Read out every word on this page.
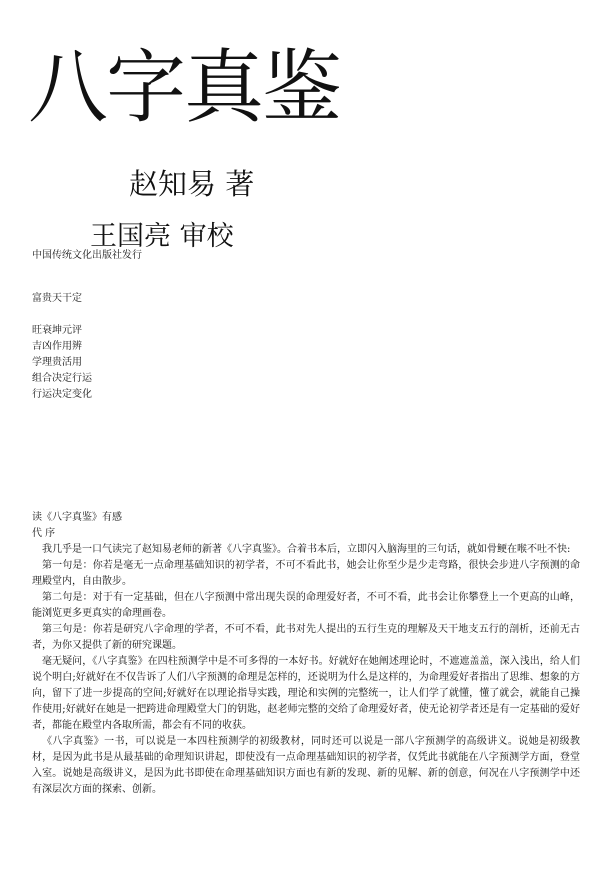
八字真鉴
赵知易 著
王国亮 审校
中国传统文化出版社发行
富贵天干定
旺衰坤元评
吉凶作用辨
学理贵活用
组合决定行运
行运决定变化
读《八字真鉴》有感
代 序

我几乎是一口气读完了赵知易老师的新著《八字真鉴》。合着书本后，立即闪入脑海里的三句话，就如骨鲠在喉不吐不快:

第一句是：你若是毫无一点命理基础知识的初学者，不可不看此书，她会让你至少是少走弯路，很快会步进八字预测的命理殿堂内，自由散步。

第二句是：对于有一定基础，但在八字预测中常出现失误的命理爱好者，不可不看，此书会让你攀登上一个更高的山峰，能浏览更多更真实的命理画卷。

第三句是：你若是研究八字命理的学者，不可不看，此书对先人提出的五行生克的理解及天干地支五行的剖析，还前无古者，为你又提供了新的研究课题。

毫无疑问，《八字真鉴》在四柱预测学中是不可多得的一本好书。好就好在她阐述理论时，不遮遮盖盖，深入浅出，给人们说个明白;好就好在不仅告诉了人们八字预测的命理是怎样的，还说明为什么是这样的，为命理爱好者指出了思维、想象的方向，留下了进一步提高的空间;好就好在以理论指导实践，理论和实例的完整统一，让人们学了就懂，懂了就会，就能自己操作使用;好就好在她是一把跨进命理殿堂大门的钥匙，赵老师完整的交给了命理爱好者，使无论初学者还是有一定基础的爱好者，都能在殿堂内各取所需，都会有不同的收获。

《八字真鉴》一书，可以说是一本四柱预测学的初级教材，同时还可以说是一部八字预测学的高级讲义。说她是初级教材，是因为此书是从最基础的命理知识讲起，即使没有一点命理基础知识的初学者，仅凭此书就能在八字预测学方面，登堂入室。说她是高级讲义，是因为此书即使在命理基础知识方面也有新的发现、新的见解、新的创意，何况在八字预测学中还有深层次方面的探索、创新。
